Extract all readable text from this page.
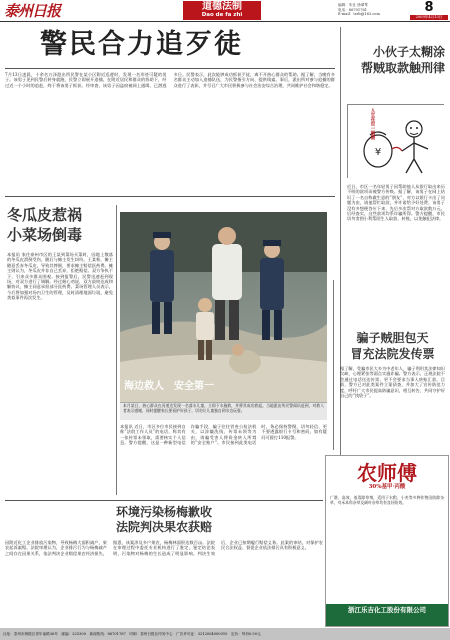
泰州日报	道德法制
Dao de fa zhi
编辑：朱仕 徐翠琴
电话：86701761
E-mail：tzrb@163.com	8
2009年4月13日
警民合力追歹徒
7月13日凌晨，十余名万泽派出所民警在某小区附近巡逻时，发现一名形迹可疑的男子。该男子见到民警后转身就跑，民警立即展开追捕。在附近居民和群众的协助下，经过近一个小时的追赶，终于将该男子抓获。经审查，该男子因盗窃被网上通缉，已潜逃多日。民警表示，此次能够成功抓获歹徒，离不开热心群众的帮助。据了解，当晚有多名群众主动加入追捕队伍，为民警指引方向、提供线索。事后，派出所对参与追捕的群众进行了表彰，并号召广大市民积极参与社会治安综合治理，共同维护社会和谐稳定。
小伙子太糊涂
帮贼取款触刑律
¥
人生在世一副腿
近日，市区一名年轻男子因帮助他人从银行取出来历不明的款项而被警方传唤。据了解，该男子在网上结识了一名自称做生意的“朋友”，对方以银行卡出了问题为由，请他帮忙取款，并许诺给予好处费。该男子没有多想便答应下来，先后多次帮对方取款数万元。后经查实，这些款项均系诈骗所得。警方提醒，市民切勿贪图小利帮陌生人取款、转账，以免触犯法律。
冬瓜皮惹祸
小菜场倒毒
本报讯 家住泰州市区的王某到菜场买菜时，因地上散落的冬瓜皮滑倒受伤，随后与摊主发生纠纷。王某称，摊主随意丢弃冬瓜皮，导致其摔倒，要求摊主赔偿医药费。摊主则认为，冬瓜皮并非自己丢弃，拒绝赔偿。双方争执不下，引来众多群众围观。接到报警后，民警迅速赶到现场，对双方进行了调解。经过耐心劝说，双方最终达成和解协议，摊主同意承担部分医药费。菜场管理人员表示，今后将加强对场内卫生的管理，及时清理地面垃圾，避免类似事件再次发生。
海边救人　安全第一
本月某日，热心群众在河道边发现一名落水儿童，立即下水施救，并将其成功救起。当地派出所民警闻讯赶到，对救人者表示感谢，同时提醒家长要看护好孩子，切勿让儿童独自到水边玩耍。
本报讯 近日，市区多位市民接到自称“法院工作人员”的电话，称其有一张传票未领取，需要核实个人信息。警方提醒，这是一种新型电信诈骗手段，骗子往往冒充公检法机关，以涉嫌洗钱、传票未领等为由，诱骗受害人将资金转入所谓的“安全账户”。市民接到此类电话时，务必保持警惕，切勿轻信，更不要透露银行卡号和密码，如有疑问可拨打110报警。
骗子贼胆包天
冒充法院发传票
据了解，受骗市民大多为中老年人，骗子利用其法律知识欠缺、心理紧张等弱点实施诈骗。警方表示，正规法院不会通过电话送达传票，更不会要求当事人转账汇款。目前，警方已对此类案件立案侦查，并加大了宣传防范力度，呼吁广大市民提高防骗意识，相互转告，共同守护好自己的“钱袋子”。
环境污染杨梅歉收
法院判决果农获赔
因附近化工企业排放污染物，导致杨梅大面积减产，果农起诉索赔。法院审理认为，企业排污行为与杨梅减产之间存在因果关系，依法判决企业赔偿果农经济损失。据悉，该案涉及多户果农，杨梅林面积达数百亩。法院在审理过程中委托专业机构进行了鉴定，鉴定结论表明，污染物对杨梅的生长造成了明显影响。判决生效后，企业已按期履行赔偿义务。此案的审结，对保护农民合法权益、督促企业依法排污具有积极意义。
农师傅
30%基甲·丙酸
广谱、高效、低毒除草剂，适用于水稻、小麦等多种作物田防除杂草，对禾本科杂草及阔叶杂草均有良好防效。
浙江乐吉化工股份有限公司
社址：泰州市海陵区青年南路36号　邮编：225300　新闻热线：86701767　印刷：泰州日报社印务中心　广告许可证：3212004000010　定价：每份0.50元
